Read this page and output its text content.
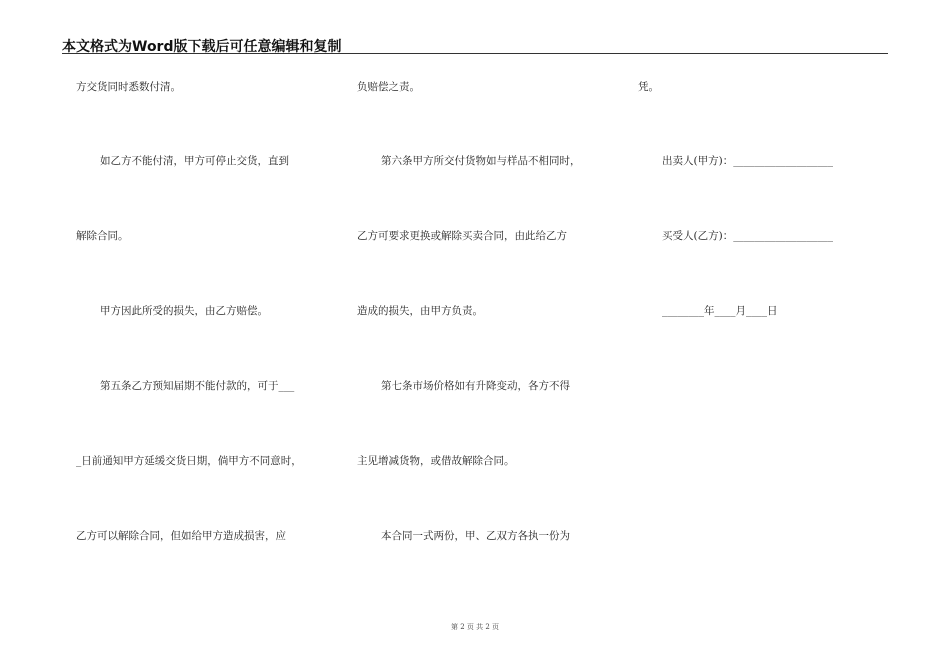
本文格式为Word版下载后可任意编辑和复制
方交货同时悉数付清。
如乙方不能付清，甲方可停止交货，直到
解除合同。
甲方因此所受的损失，由乙方赔偿。
第五条乙方预知届期不能付款的，可于___
_日前通知甲方延缓交货日期，倘甲方不同意时，
乙方可以解除合同，但如给甲方造成损害，应
负赔偿之责。
第六条甲方所交付货物如与样品不相同时，
乙方可要求更换或解除买卖合同，由此给乙方
造成的损失，由甲方负责。
第七条市场价格如有升降变动，各方不得
主见增减货物，或借故解除合同。
本合同一式两份，甲、乙双方各执一份为
凭。
出卖人(甲方)：___________________
买受人(乙方)：___________________
________年____月____日
第 2 页 共 2 页
